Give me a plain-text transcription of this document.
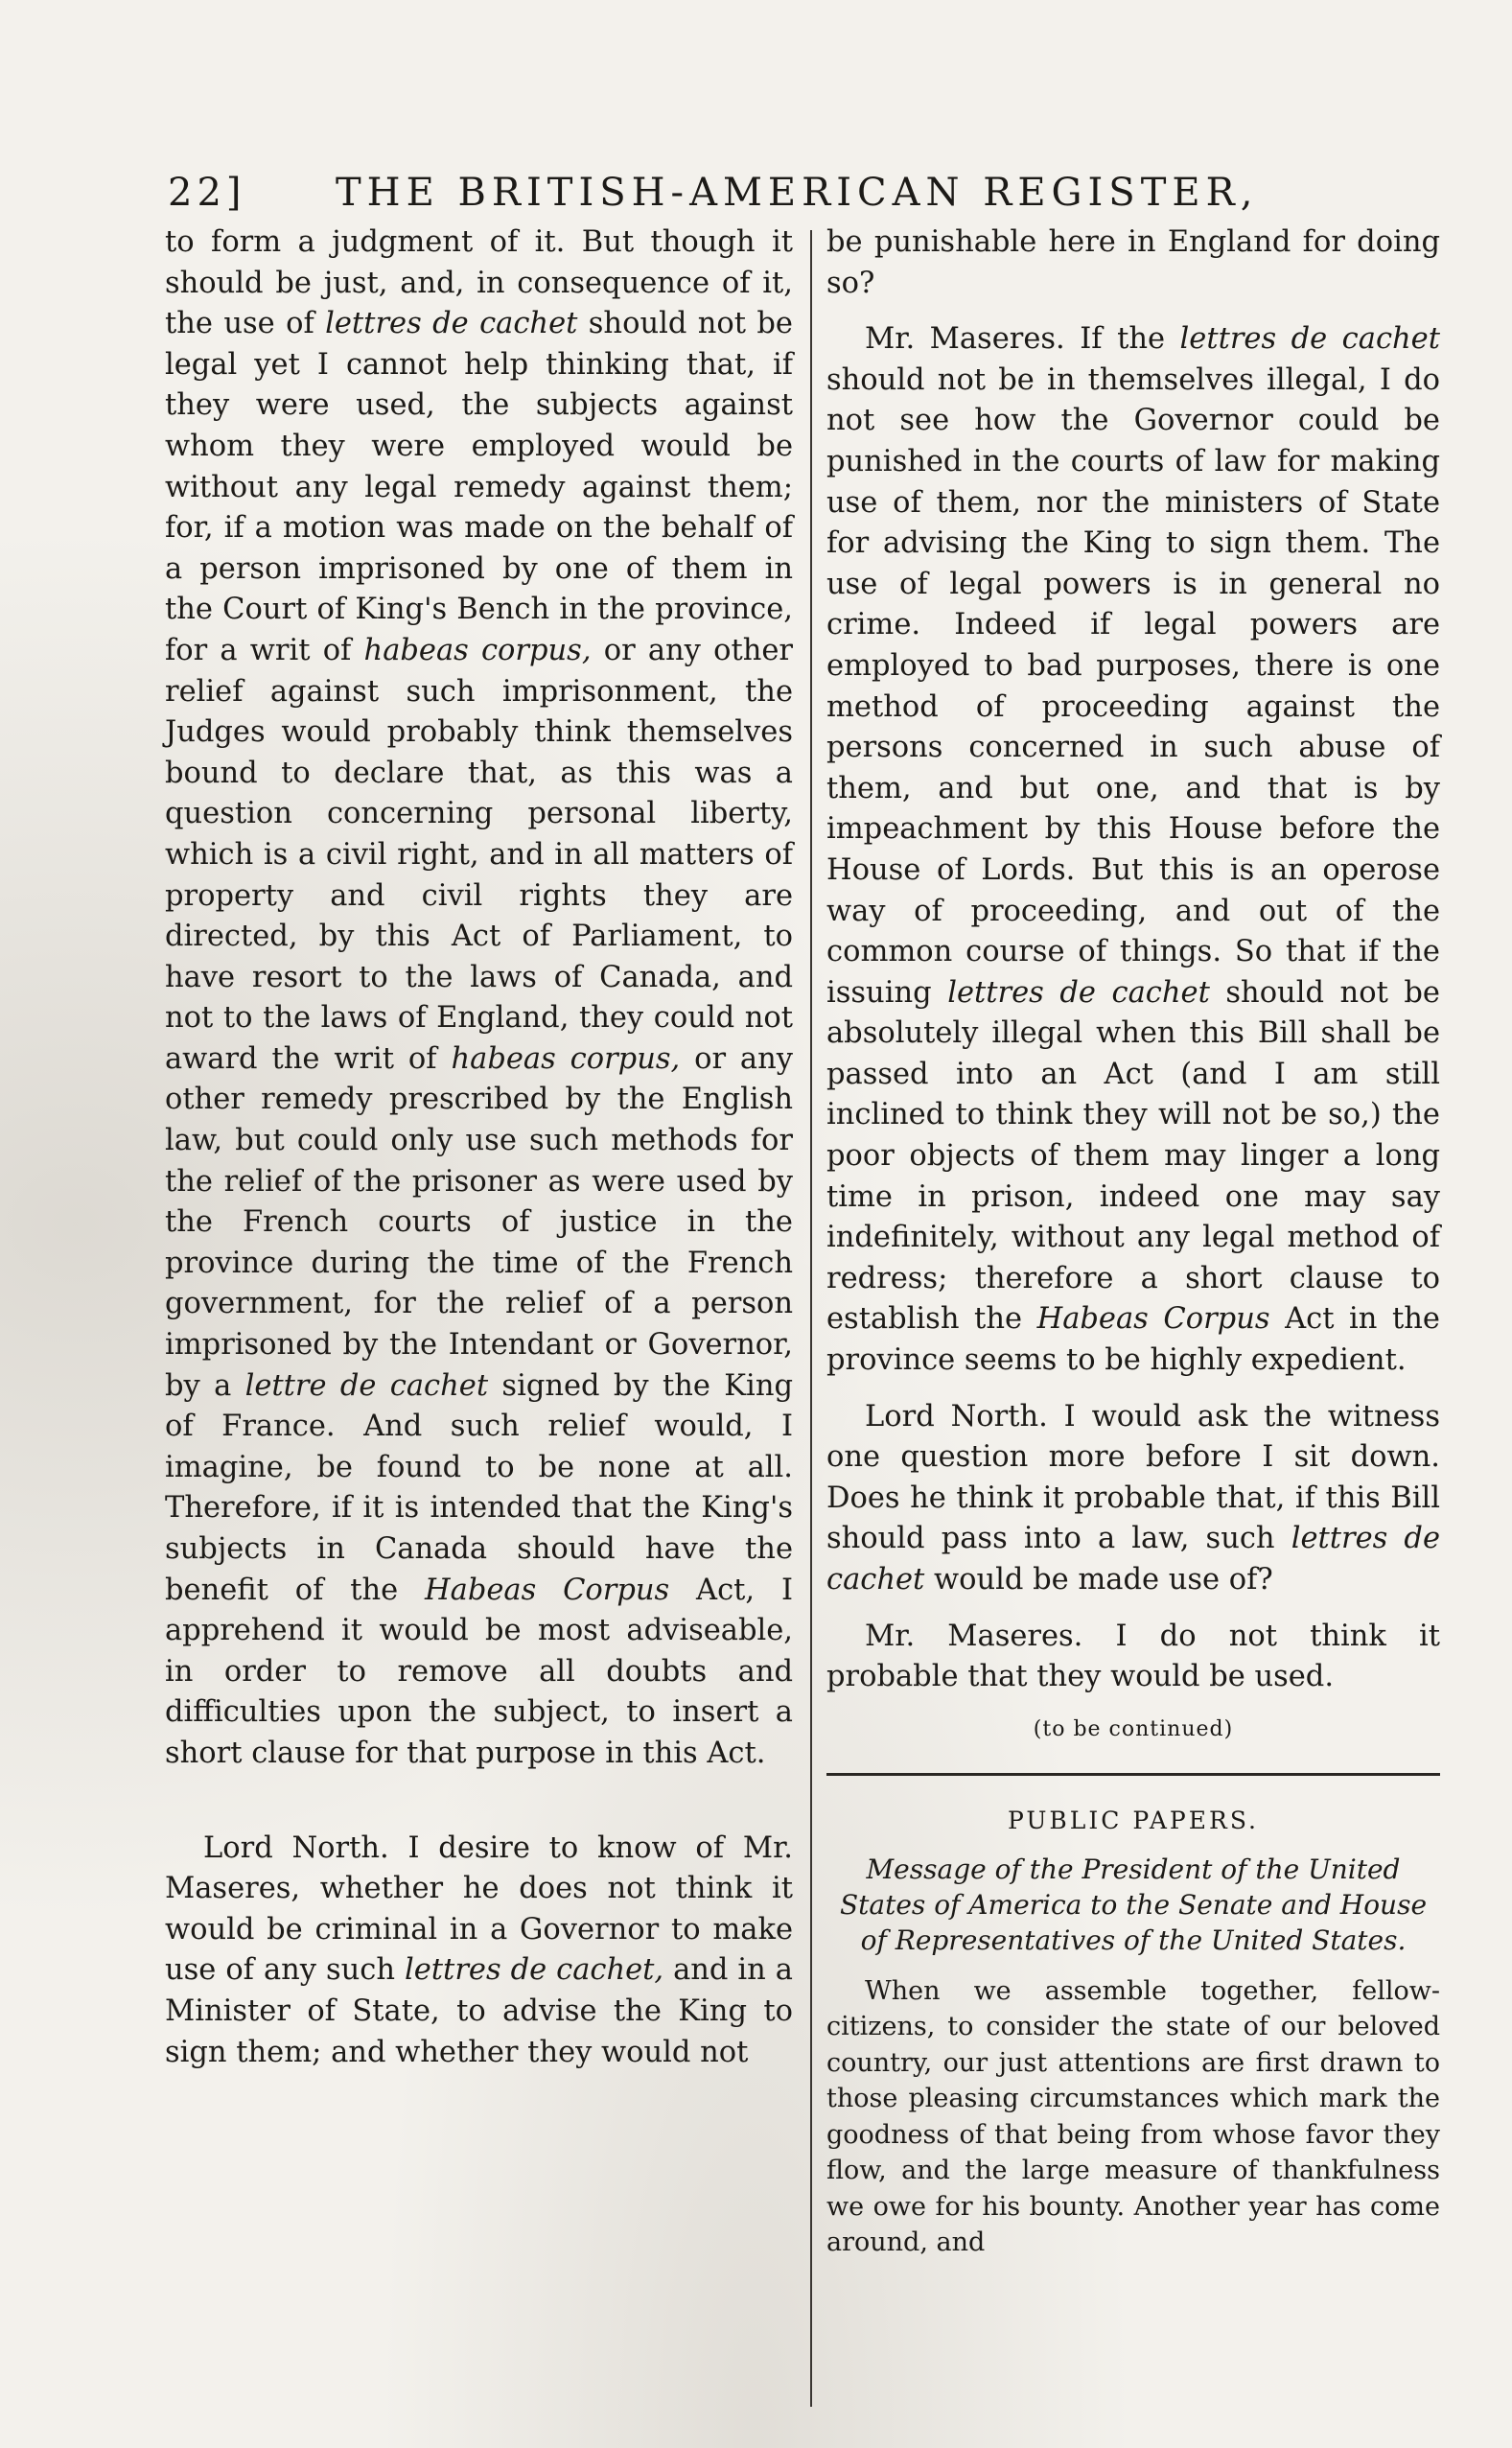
22] THE BRITISH-AMERICAN REGISTER,

to form a judgment of it. But though it should be just, and, in consequence of it, the use of lettres de cachet should not be legal yet I cannot help thinking that, if they were used, the subjects against whom they were employed would be without any legal remedy against them; for, if a motion was made on the behalf of a person imprisoned by one of them in the Court of King's Bench in the province, for a writ of habeas corpus, or any other relief against such imprisonment, the Judges would probably think themselves bound to declare that, as this was a question concerning personal liberty, which is a civil right, and in all matters of property and civil rights they are directed, by this Act of Parliament, to have resort to the laws of Canada, and not to the laws of England, they could not award the writ of habeas corpus, or any other remedy prescribed by the English law, but could only use such methods for the relief of the prisoner as were used by the French courts of justice in the province during the time of the French government, for the relief of a person imprisoned by the Intendant or Governor, by a lettre de cachet signed by the King of France. And such relief would, I imagine, be found to be none at all. Therefore, if it is intended that the King's subjects in Canada should have the benefit of the Habeas Corpus Act, I apprehend it would be most adviseable, in order to remove all doubts and difficulties upon the subject, to insert a short clause for that purpose in this Act.

Lord North. I desire to know of Mr. Maseres, whether he does not think it would be criminal in a Governor to make use of any such lettres de cachet, and in a Minister of State, to advise the King to sign them; and whether they would not

be punishable here in England for doing so?

Mr. Maseres. If the lettres de cachet should not be in themselves illegal, I do not see how the Governor could be punished in the courts of law for making use of them, nor the ministers of State for advising the King to sign them. The use of legal powers is in general no crime. Indeed if legal powers are employed to bad purposes, there is one method of proceeding against the persons concerned in such abuse of them, and but one, and that is by impeachment by this House before the House of Lords. But this is an operose way of proceeding, and out of the common course of things. So that if the issuing lettres de cachet should not be absolutely illegal when this Bill shall be passed into an Act (and I am still inclined to think they will not be so,) the poor objects of them may linger a long time in prison, indeed one may say indefinitely, without any legal method of redress; therefore a short clause to establish the Habeas Corpus Act in the province seems to be highly expedient.

Lord North. I would ask the witness one question more before I sit down. Does he think it probable that, if this Bill should pass into a law, such lettres de cachet would be made use of?

Mr. Maseres. I do not think it probable that they would be used.

(to be continued)
PUBLIC PAPERS.
Message of the President of the United States of America to the Senate and House of Representatives of the United States.

When we assemble together, fellow-citizens, to consider the state of our beloved country, our just attentions are first drawn to those pleasing circumstances which mark the goodness of that being from whose favor they flow, and the large measure of thankfulness we owe for his bounty. Another year has come around, and
